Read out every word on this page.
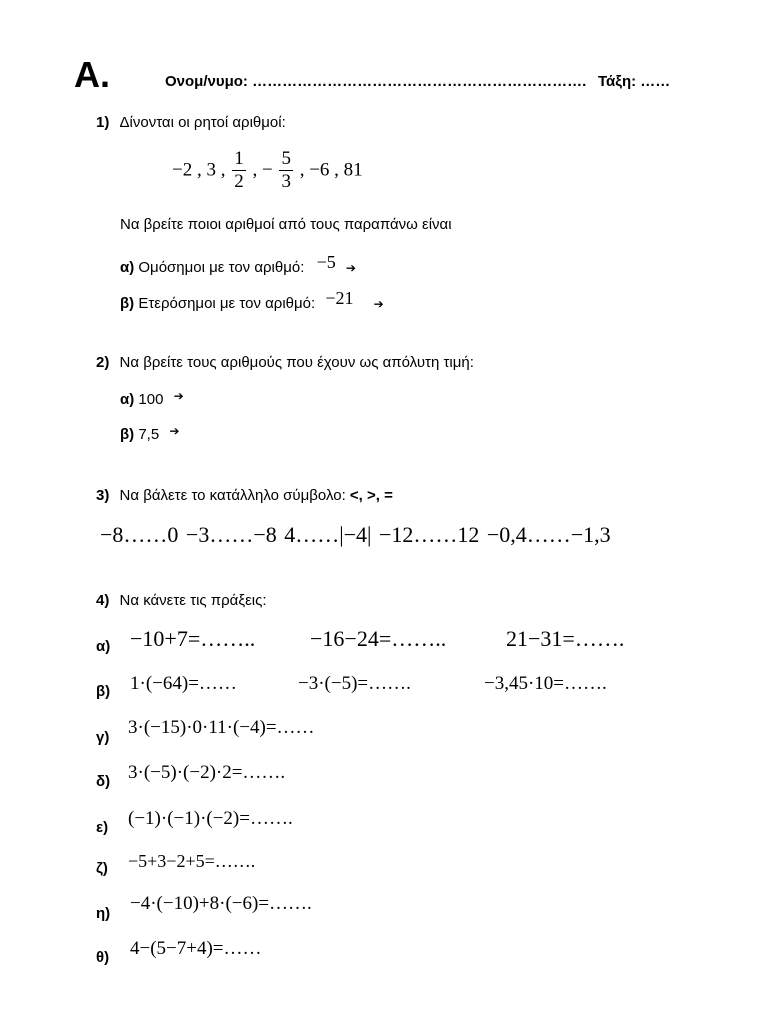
A.	Ονομ/νυμο: …………………………………………………………. Τάξη: ……
1) Δίνονται οι ρητοί αριθμοί:
−2 , 3 , $\frac{1}{2}$ , − $\frac{5}{3}$ , −6 , 81
Να βρείτε ποιοι αριθμοί από τους παραπάνω είναι
α) Ομόσημοι με τον αριθμό: −5 ➔
β) Ετερόσημοι με τον αριθμό: −21 ➔
2) Να βρείτε τους αριθμούς που έχουν ως απόλυτη τιμή:
α) 100 ➔
β) 7,5 ➔
3) Να βάλετε το κατάλληλο σύμβολο: <, >, =
−8……0 −3……−8 4……|−4| −12……12 −0,4……−1,3
4) Να κάνετε τις πράξεις:
α) −10+7=…….. −16−24=……..	21−31=…….
β) 1·(−64)=……	−3·(−5)=…….	−3,45·10=…….
γ) 3·(−15)·0·11·(−4)=……
δ) 3·(−5)·(−2)·2=…….
ε) (−1)·(−1)·(−2)=…….
ζ) −5+3−2+5=…….
η) −4·(−10)+8·(−6)=…….
θ) 4−(5−7+4)=……
